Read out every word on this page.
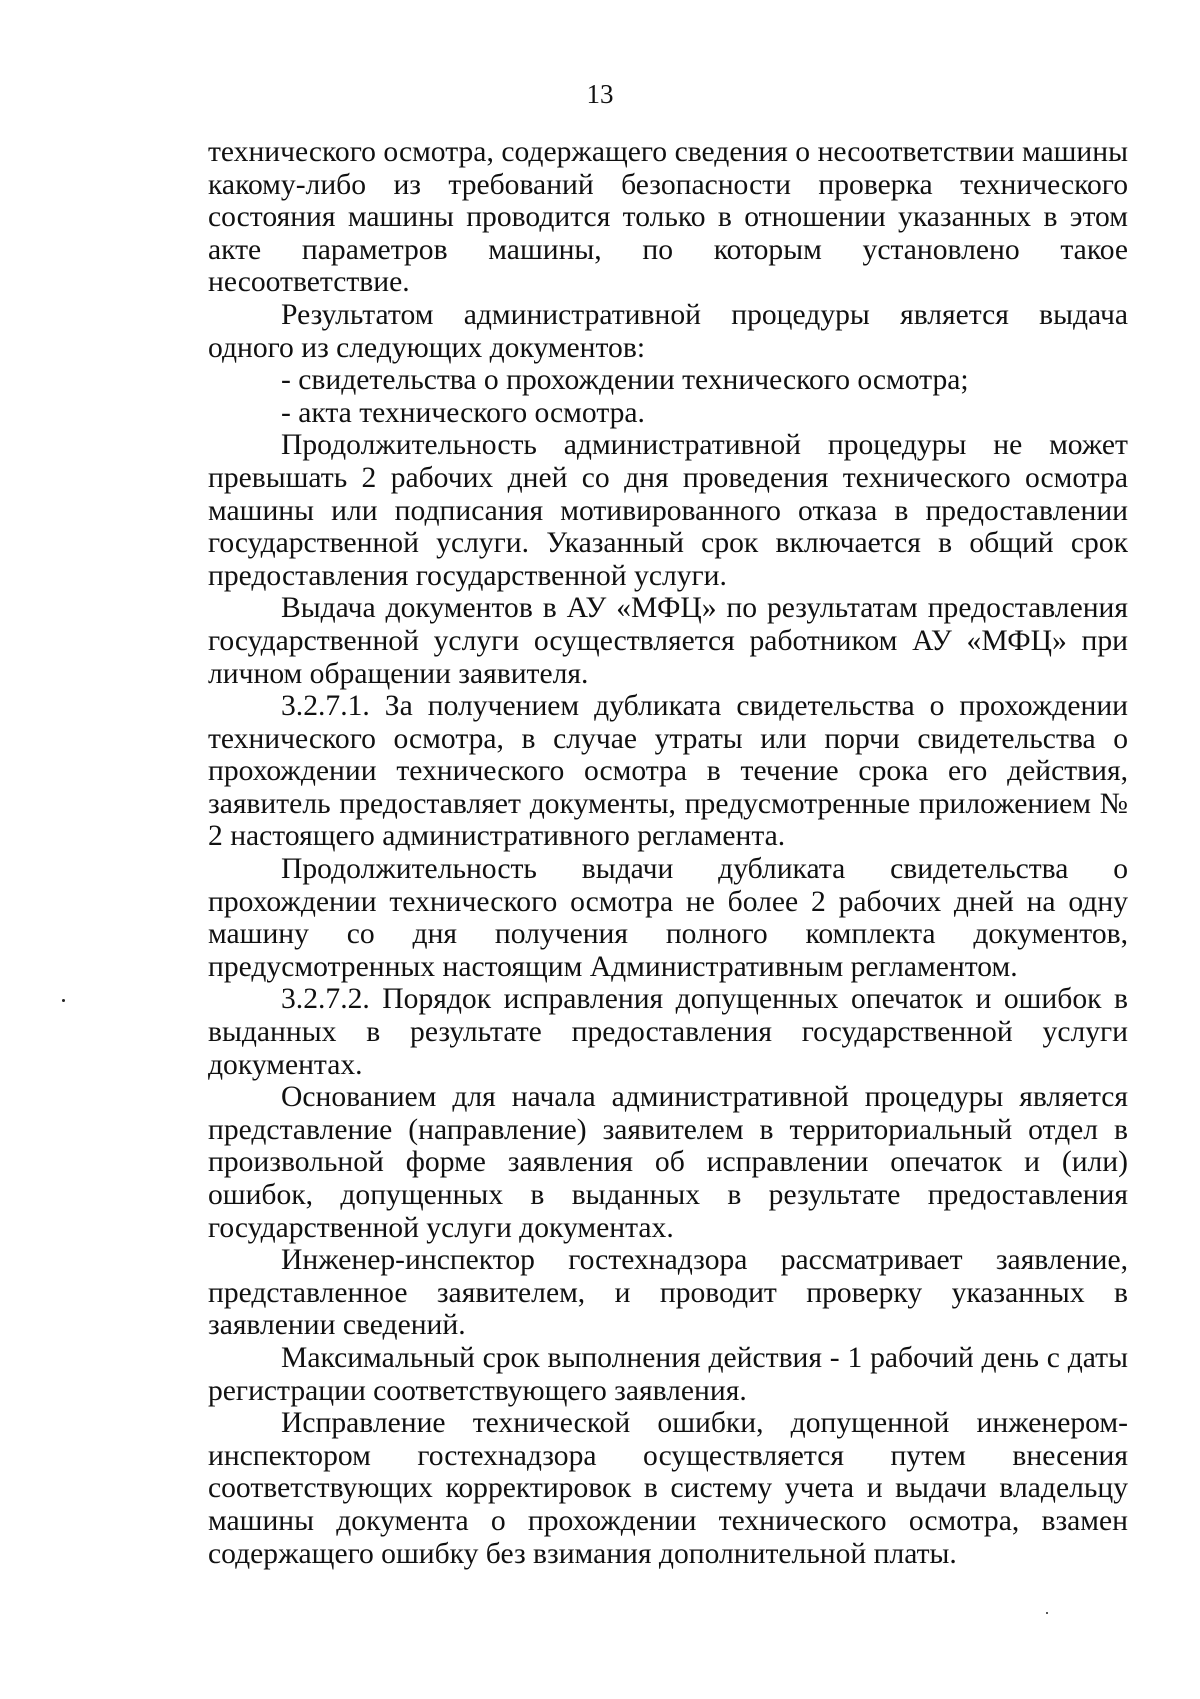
13

технического осмотра, содержащего сведения о несоответствии машины какому-либо из требований безопасности проверка технического состояния машины проводится только в отношении указанных в этом акте параметров машины, по которым установлено такое несоответствие.

Результатом административной процедуры является выдача одного из следующих документов:

- свидетельства о прохождении технического осмотра;

- акта технического осмотра.

Продолжительность административной процедуры не может превышать 2 рабочих дней со дня проведения технического осмотра машины или подписания мотивированного отказа в предоставлении государственной услуги. Указанный срок включается в общий срок предоставления государственной услуги.

Выдача документов в АУ «МФЦ» по результатам предоставления государственной услуги осуществляется работником АУ «МФЦ» при личном обращении заявителя.

3.2.7.1. За получением дубликата свидетельства о прохождении технического осмотра, в случае утраты или порчи свидетельства о прохождении технического осмотра в течение срока его действия, заявитель предоставляет документы, предусмотренные приложением № 2 настоящего административного регламента.

Продолжительность выдачи дубликата свидетельства о прохождении технического осмотра не более 2 рабочих дней на одну машину со дня получения полного комплекта документов, предусмотренных настоящим Административным регламентом.

3.2.7.2. Порядок исправления допущенных опечаток и ошибок в выданных в результате предоставления государственной услуги документах.

Основанием для начала административной процедуры является представление (направление) заявителем в территориальный отдел в произвольной форме заявления об исправлении опечаток и (или) ошибок, допущенных в выданных в результате предоставления государственной услуги документах.

Инженер-инспектор гостехнадзора рассматривает заявление, представленное заявителем, и проводит проверку указанных в заявлении сведений.

Максимальный срок выполнения действия - 1 рабочий день с даты регистрации соответствующего заявления.

Исправление технической ошибки, допущенной инженером-инспектором гостехнадзора осуществляется путем внесения соответствующих корректировок в систему учета и выдачи владельцу машины документа о прохождении технического осмотра, взамен содержащего ошибку без взимания дополнительной платы.
